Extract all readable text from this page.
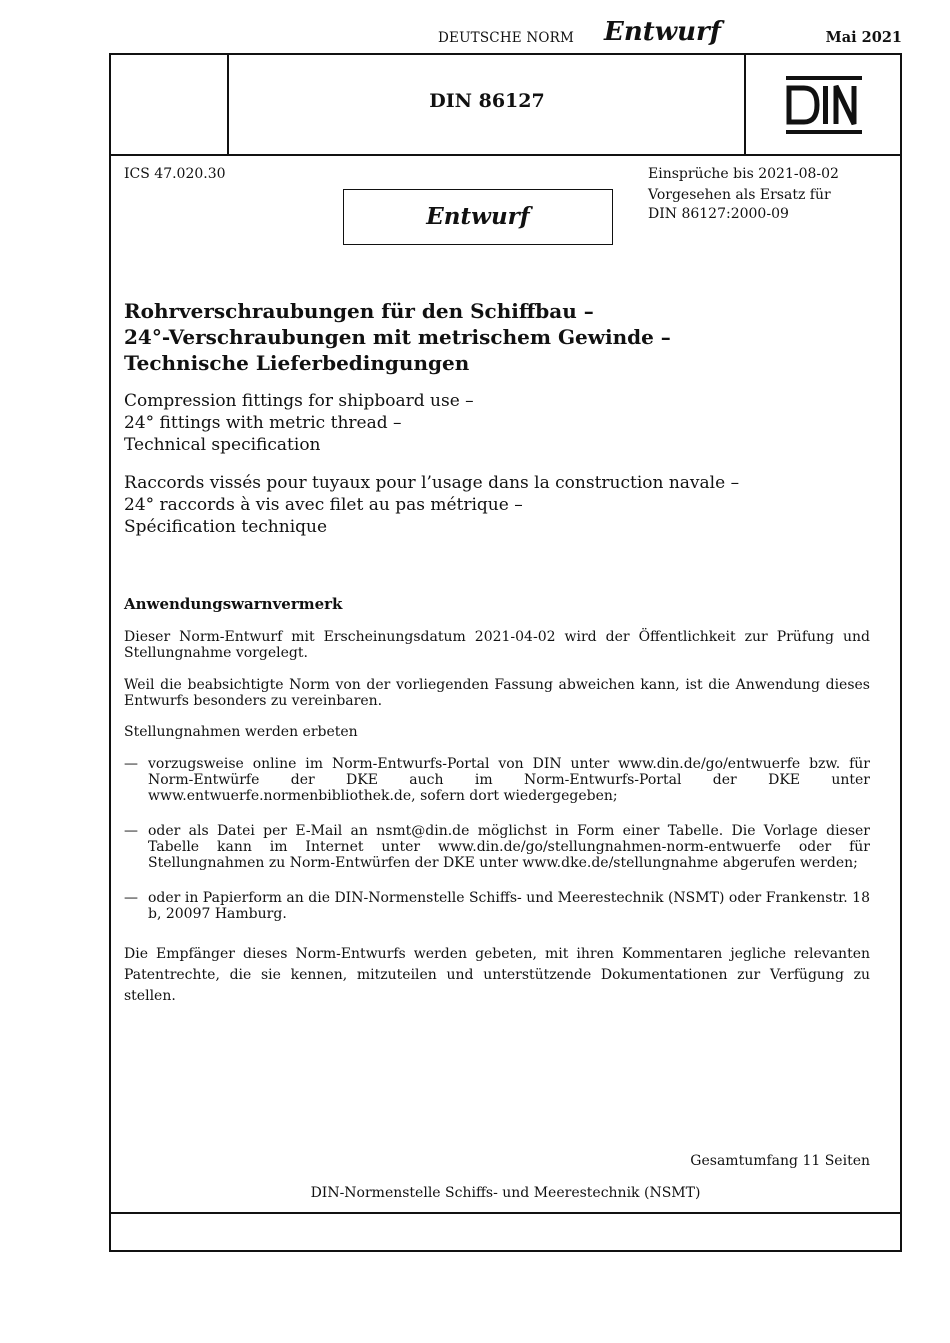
DEUTSCHE NORM Entwurf	Mai 2021
DIN 86127
ICS 47.020.30	Einsprüche bis 2021-08-02
Vorgesehen als Ersatz für
DIN 86127:2000-09
Entwurf
Rohrverschraubungen für den Schiffbau –
24°-Verschraubungen mit metrischem Gewinde –
Technische Lieferbedingungen
Compression fittings for shipboard use –
24° fittings with metric thread –
Technical specification
Raccords vissés pour tuyaux pour l’usage dans la construction navale –
24° raccords à vis avec filet au pas métrique –
Spécification technique
Anwendungswarnvermerk
Dieser Norm-Entwurf mit Erscheinungsdatum 2021-04-02 wird der Öffentlichkeit zur Prüfung und Stellungnahme vorgelegt.
Weil die beabsichtigte Norm von der vorliegenden Fassung abweichen kann, ist die Anwendung dieses Entwurfs besonders zu vereinbaren.
Stellungnahmen werden erbeten
— vorzugsweise online im Norm-Entwurfs-Portal von DIN unter www.din.de/go/entwuerfe bzw. für Norm-Entwürfe der DKE auch im Norm-Entwurfs-Portal der DKE unter www.entwuerfe.normenbibliothek.de, sofern dort wiedergegeben;
— oder als Datei per E-Mail an nsmt@din.de möglichst in Form einer Tabelle. Die Vorlage dieser Tabelle kann im Internet unter www.din.de/go/stellungnahmen-norm-entwuerfe oder für Stellungnahmen zu Norm-Entwürfen der DKE unter www.dke.de/stellungnahme abgerufen werden;
— oder in Papierform an die DIN-Normenstelle Schiffs- und Meerestechnik (NSMT) oder Frankenstr. 18 b, 20097 Hamburg.
Die Empfänger dieses Norm-Entwurfs werden gebeten, mit ihren Kommentaren jegliche relevanten Patentrechte, die sie kennen, mitzuteilen und unterstützende Dokumentationen zur Verfügung zu stellen.
Gesamtumfang 11 Seiten
DIN-Normenstelle Schiffs- und Meerestechnik (NSMT)
